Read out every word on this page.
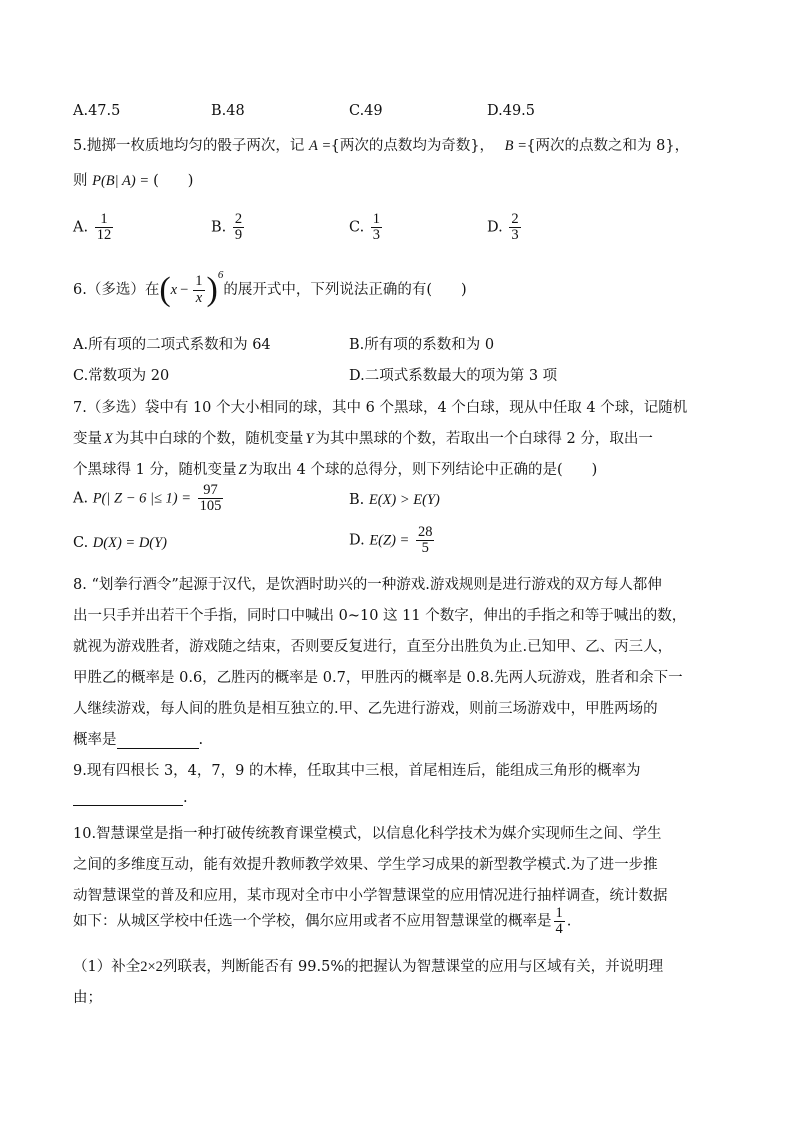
A.47.5	B.48	C.49	D.49.5
5.抛掷一枚质地均匀的骰子两次，记 A ={两次的点数均为奇数}， B ={两次的点数之和为 8}，
则 P(B| A) = (　　)
A. $\frac{1}{12}$	B. $\frac{2}{9}$	C. $\frac{1}{3}$	D. $\frac{2}{3}$
6.（多选）在$(x - \frac{1}{x} )^6$的展开式中，下列说法正确的有(　　)
A.所有项的二项式系数和为 64	B.所有项的系数和为 0
C.常数项为 20	D.二项式系数最大的项为第 3 项
7.（多选）袋中有 10 个大小相同的球，其中 6 个黑球，4 个白球，现从中任取 4 个球，记随机
变量 X 为其中白球的个数，随机变量 Y 为其中黑球的个数，若取出一个白球得 2 分，取出一
个黑球得 1 分，随机变量 Z 为取出 4 个球的总得分，则下列结论中正确的是(　　)
A. P(| Z − 6 |≤ $1) = \frac{97}{105}$	B. E(X) > E(Y)
C. D(X) = D(Y)	D. $E(Z) = \frac{28}{5}$
8. “划拳行酒令”起源于汉代，是饮酒时助兴的一种游戏.游戏规则是进行游戏的双方每人都伸
出一只手并出若干个手指，同时口中喊出 0~10 这 11 个数字，伸出的手指之和等于喊出的数，
就视为游戏胜者，游戏随之结束，否则要反复进行，直至分出胜负为止.已知甲、乙、丙三人，
甲胜乙的概率是 0.6，乙胜丙的概率是 0.7，甲胜丙的概率是 0.8.先两人玩游戏，胜者和余下一
人继续游戏，每人间的胜负是相互独立的.甲、乙先进行游戏，则前三场游戏中，甲胜两场的
概率是	.
9.现有四根长 3，4，7，9 的木棒，任取其中三根，首尾相连后，能组成三角形的概率为
.
10.智慧课堂是指一种打破传统教育课堂模式，以信息化科学技术为媒介实现师生之间、学生
之间的多维度互动，能有效提升教师教学效果、学生学习成果的新型教学模式.为了进一步推
动智慧课堂的普及和应用，某市现对全市中小学智慧课堂的应用情况进行抽样调查，统计数据
如下：从城区学校中任选一个学校，偶尔应用或者不应用智慧课堂的概率是 $\frac{1}{4}$ .
（1）补全2×2列联表，判断能否有 99.5%的把握认为智慧课堂的应用与区域有关，并说明理
由；
